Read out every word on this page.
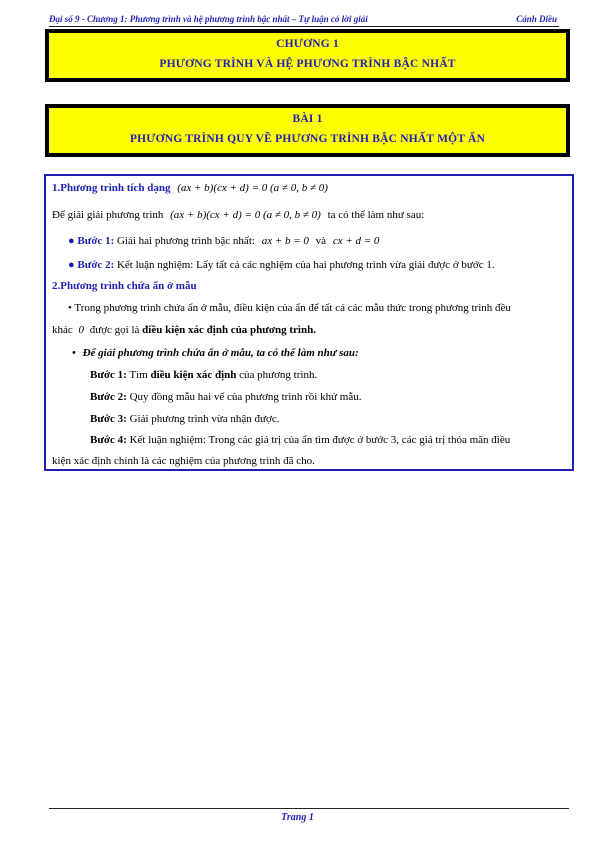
Đại số 9 - Chương 1: Phương trình và hệ phương trình bậc nhất – Tự luận có lời giải	Cánh Diều
CHƯƠNG 1
PHƯƠNG TRÌNH VÀ HỆ PHƯƠNG TRÌNH BẬC NHẤT
BÀI 1
PHƯƠNG TRÌNH QUY VỀ PHƯƠNG TRÌNH BẬC NHẤT MỘT ẨN
1.Phương trình tích dạng (ax + b)(cx + d) = 0 (a ≠ 0, b ≠ 0)
Để giải giải phương trình (ax + b)(cx + d) = 0 (a ≠ 0, b ≠ 0) ta có thể làm như sau:
● Bước 1: Giải hai phương trình bậc nhất: ax + b = 0 và cx + d = 0
● Bước 2: Kết luận nghiệm: Lấy tất cả các nghiệm của hai phương trình vừa giải được ở bước 1.
2.Phương trình chứa ẩn ở mẫu
• Trong phương trình chứa ẩn ở mẫu, điều kiện của ẩn để tất cả các mẫu thức trong phương trình đều
khác 0 được gọi là điều kiện xác định của phương trình.
• Để giải phương trình chứa ẩn ở mẫu, ta có thể làm như sau:
Bước 1: Tìm điều kiện xác định của phương trình.
Bước 2: Quy đồng mẫu hai vế của phương trình rồi khử mẫu.
Bước 3: Giải phương trình vừa nhận được.
Bước 4: Kết luận nghiệm: Trong các giá trị của ẩn tìm được ở bước 3, các giá trị thỏa mãn điều
kiện xác định chính là các nghiệm của phương trình đã cho.
Trang 1
